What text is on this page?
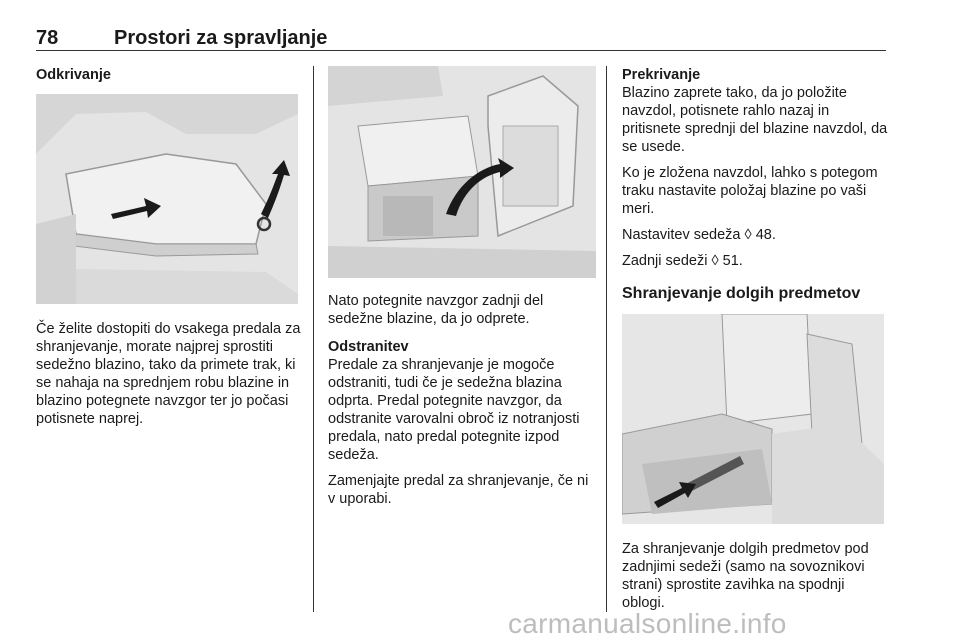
78	Prostori za spravljanje
Odkrivanje
Če želite dostopiti do vsakega predala za shranjevanje, morate najprej sprostiti sedežno blazino, tako da primete trak, ki se nahaja na sprednjem robu blazine in blazino potegnete navzgor ter jo počasi potisnete naprej.
Nato potegnite navzgor zadnji del sedežne blazine, da jo odprete.
Odstranitev
Predale za shranjevanje je mogoče odstraniti, tudi če je sedežna blazina odprta. Predal potegnite navzgor, da odstranite varovalni obroč iz notranjosti predala, nato predal potegnite izpod sedeža.
Zamenjajte predal za shranjevanje, če ni v uporabi.
Prekrivanje
Blazino zaprete tako, da jo položite navzdol, potisnete rahlo nazaj in pritisnete sprednji del blazine navzdol, da se usede.
Ko je zložena navzdol, lahko s potegom traku nastavite položaj blazine po vaši meri.
Nastavitev sedeža ◊ 48.
Zadnji sedeži ◊ 51.
Shranjevanje dolgih predmetov
Za shranjevanje dolgih predmetov pod zadnjimi sedeži (samo na sovoznikovi strani) sprostite zavihka na spodnji oblogi.
carmanualsonline.info
